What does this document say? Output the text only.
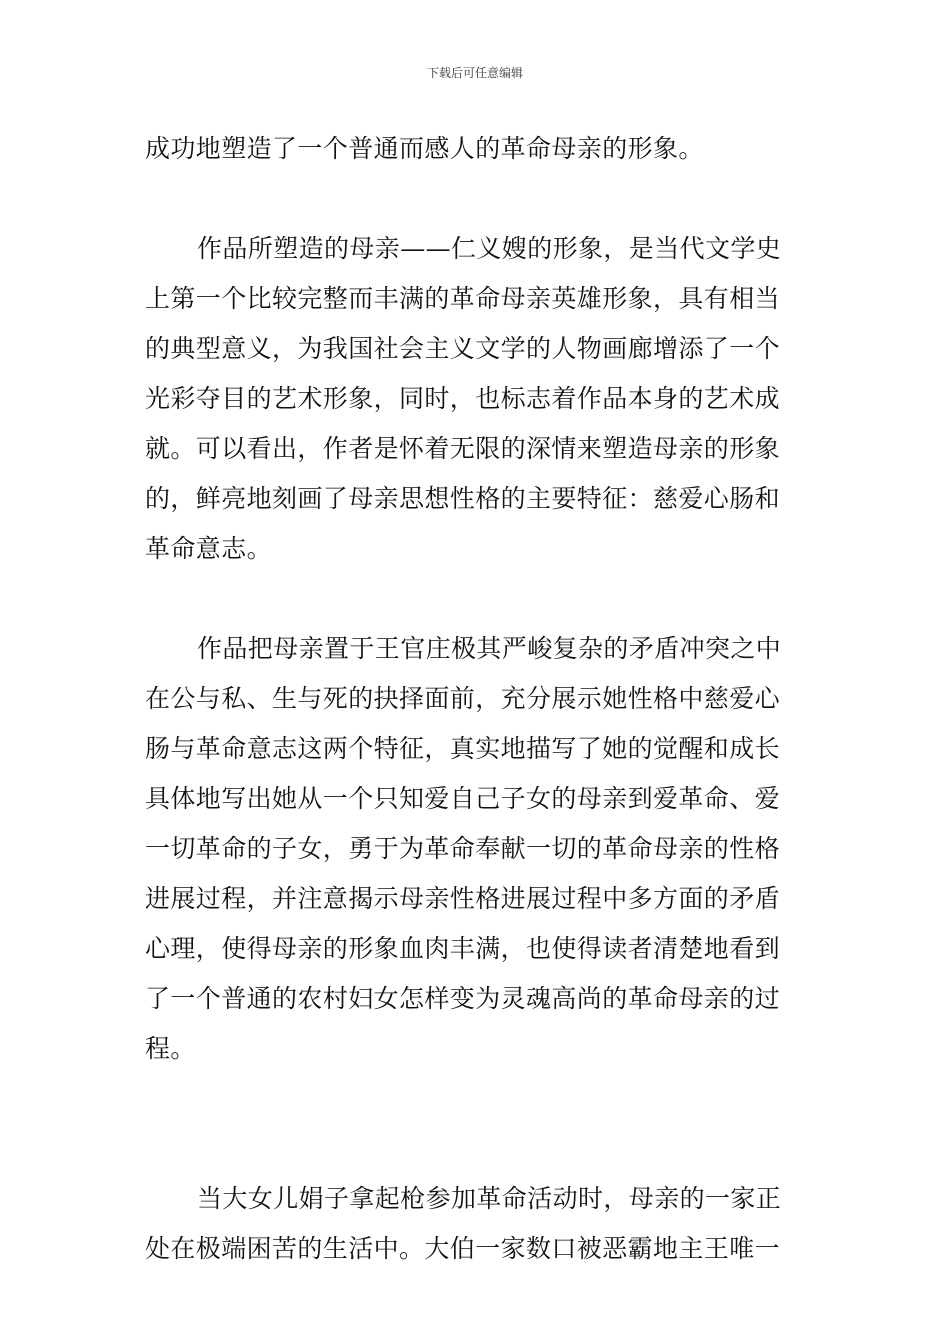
下载后可任意编辑
成功地塑造了一个普通而感人的革命母亲的形象。
作品所塑造的母亲——仁义嫂的形象，是当代文学史
上第一个比较完整而丰满的革命母亲英雄形象，具有相当
的典型意义，为我国社会主义文学的人物画廊增添了一个
光彩夺目的艺术形象，同时，也标志着作品本身的艺术成
就。可以看出，作者是怀着无限的深情来塑造母亲的形象
的，鲜亮地刻画了母亲思想性格的主要特征：慈爱心肠和
革命意志。
作品把母亲置于王官庄极其严峻复杂的矛盾冲突之中
在公与私、生与死的抉择面前，充分展示她性格中慈爱心
肠与革命意志这两个特征，真实地描写了她的觉醒和成长
具体地写出她从一个只知爱自己子女的母亲到爱革命、爱
一切革命的子女，勇于为革命奉献一切的革命母亲的性格
进展过程，并注意揭示母亲性格进展过程中多方面的矛盾
心理，使得母亲的形象血肉丰满，也使得读者清楚地看到
了一个普通的农村妇女怎样变为灵魂高尚的革命母亲的过
程。
当大女儿娟子拿起枪参加革命活动时，母亲的一家正
处在极端困苦的生活中。大伯一家数口被恶霸地主王唯一
